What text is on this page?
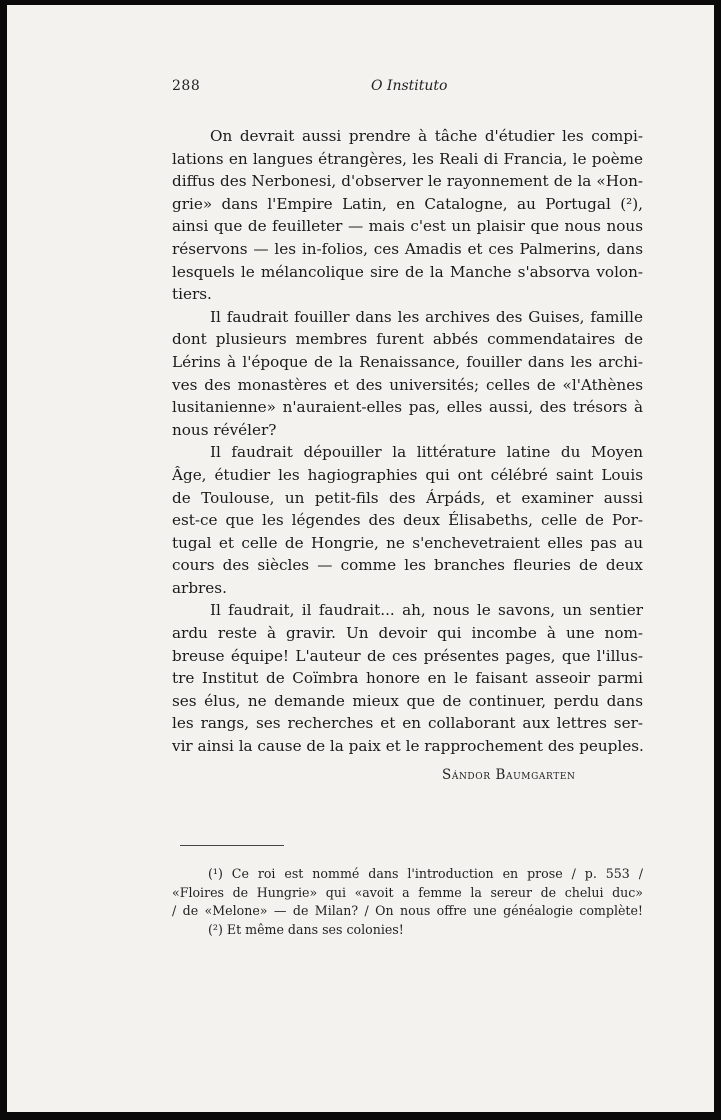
288	O Instituto
On devrait aussi prendre à tâche d'étudier les compi-
lations en langues étrangères, les Reali di Francia, le poème
diffus des Nerbonesi, d'observer le rayonnement de la «Hon-
grie» dans l'Empire Latin, en Catalogne, au Portugal (²),
ainsi que de feuilleter — mais c'est un plaisir que nous nous
réservons — les in-folios, ces Amadis et ces Palmerins, dans
lesquels le mélancolique sire de la Manche s'absorva volon-
tiers.
Il faudrait fouiller dans les archives des Guises, famille
dont plusieurs membres furent abbés commendataires de
Lérins à l'époque de la Renaissance, fouiller dans les archi-
ves des monastères et des universités; celles de «l'Athènes
lusitanienne» n'auraient-elles pas, elles aussi, des trésors à
nous révéler?
Il faudrait dépouiller la littérature latine du Moyen
Âge, étudier les hagiographies qui ont célébré saint Louis
de Toulouse, un petit-fils des Árpáds, et examiner aussi
est-ce que les légendes des deux Élisabeths, celle de Por-
tugal et celle de Hongrie, ne s'enchevetraient elles pas au
cours des siècles — comme les branches fleuries de deux
arbres.
Il faudrait, il faudrait... ah, nous le savons, un sentier
ardu reste à gravir. Un devoir qui incombe à une nom-
breuse équipe! L'auteur de ces présentes pages, que l'illus-
tre Institut de Coïmbra honore en le faisant asseoir parmi
ses élus, ne demande mieux que de continuer, perdu dans
les rangs, ses recherches et en collaborant aux lettres ser-
vir ainsi la cause de la paix et le rapprochement des peuples.
Sándor Baumgarten
(¹) Ce roi est nommé dans l'introduction en prose / p. 553 /
«Floires de Hungrie» qui «avoit a femme la sereur de chelui duc»
/ de «Melone» — de Milan? / On nous offre une généalogie complète!
(²) Et même dans ses colonies!
